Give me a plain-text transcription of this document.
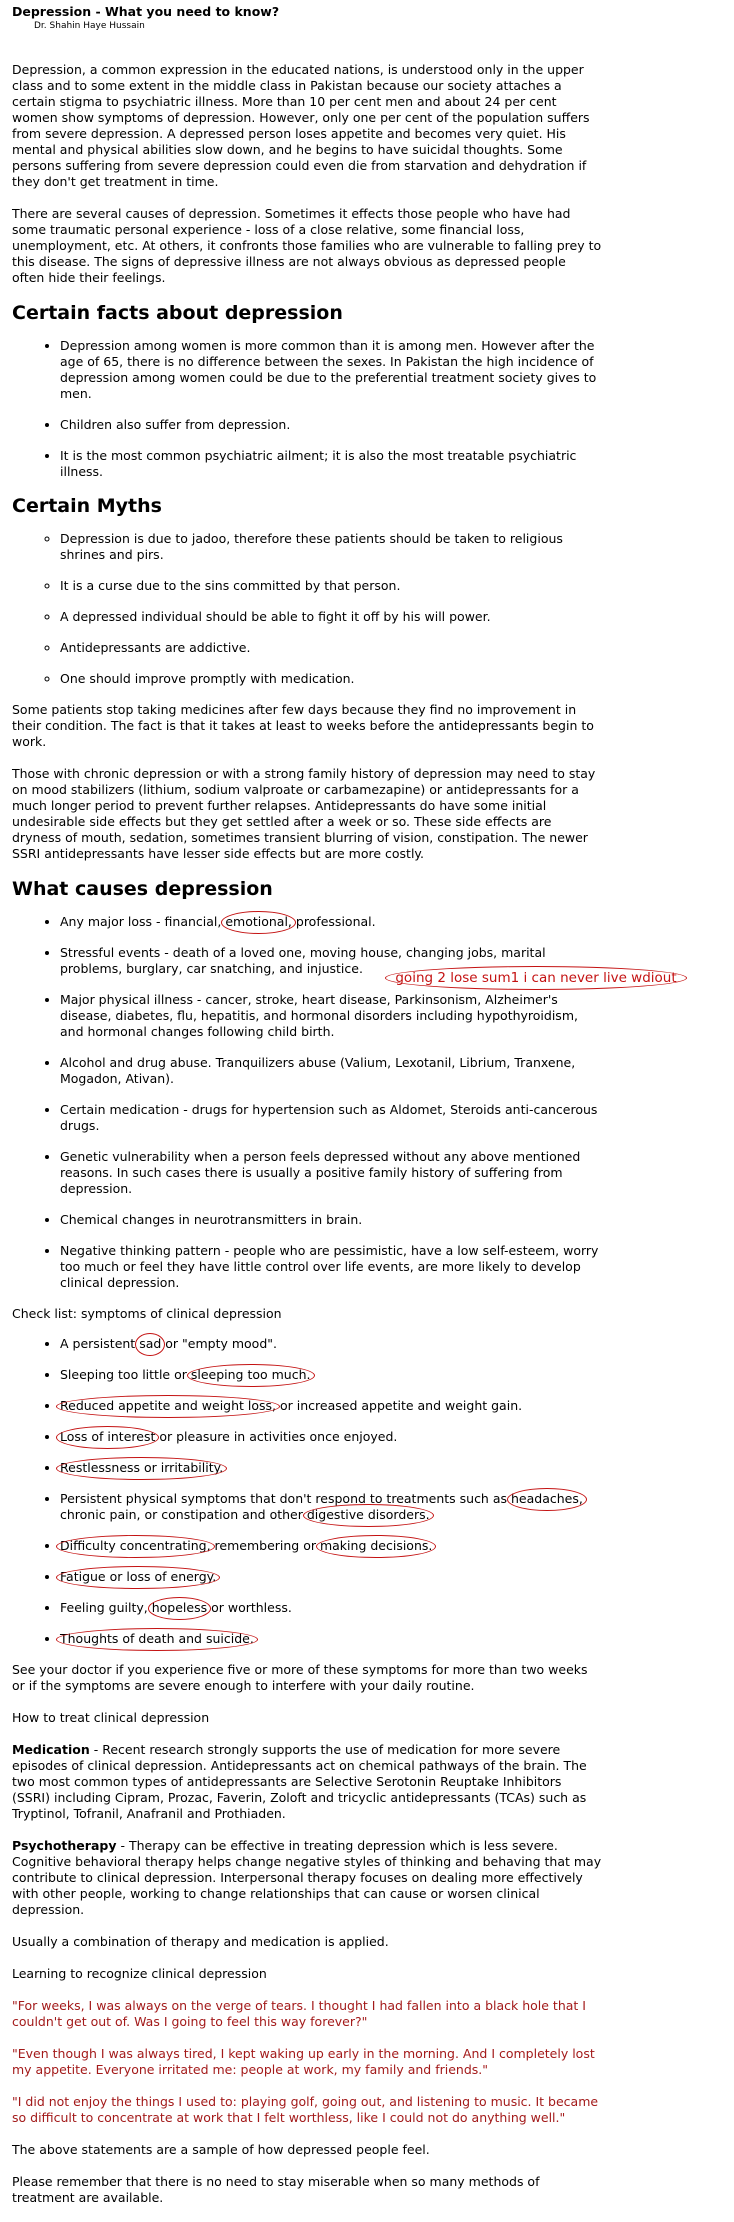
Depression - What you need to know?

Dr. Shahin Haye Hussain

Depression, a common expression in the educated nations, is understood only in the upper class and to some extent in the middle class in Pakistan because our society attaches a certain stigma to psychiatric illness. More than 10 per cent men and about 24 per cent women show symptoms of depression. However, only one per cent of the population suffers from severe depression. A depressed person loses appetite and becomes very quiet. His mental and physical abilities slow down, and he begins to have suicidal thoughts. Some persons suffering from severe depression could even die from starvation and dehydration if they don't get treatment in time.

There are several causes of depression. Sometimes it effects those people who have had some traumatic personal experience - loss of a close relative, some financial loss, unemployment, etc. At others, it confronts those families who are vulnerable to falling prey to this disease. The signs of depressive illness are not always obvious as depressed people often hide their feelings.

Certain facts about depression
• Depression among women is more common than it is among men. However after the age of 65, there is no difference between the sexes. In Pakistan the high incidence of depression among women could be due to the preferential treatment society gives to men.
• Children also suffer from depression.
• It is the most common psychiatric ailment; it is also the most treatable psychiatric illness.
Certain Myths
◦ Depression is due to jadoo, therefore these patients should be taken to religious shrines and pirs.
◦ It is a curse due to the sins committed by that person.
◦ A depressed individual should be able to fight it off by his will power.
◦ Antidepressants are addictive.
◦ One should improve promptly with medication.

Some patients stop taking medicines after few days because they find no improvement in their condition. The fact is that it takes at least to weeks before the antidepressants begin to work.

Those with chronic depression or with a strong family history of depression may need to stay on mood stabilizers (lithium, sodium valproate or carbamezapine) or antidepressants for a much longer period to prevent further relapses. Antidepressants do have some initial undesirable side effects but they get settled after a week or so. These side effects are dryness of mouth, sedation, sometimes transient blurring of vision, constipation. The newer SSRI antidepressants have lesser side effects but are more costly.

What causes depression
• Any major loss - financial, emotional, professional.
• Stressful events - death of a loved one, moving house, changing jobs, marital problems, burglary, car snatching, and injustice.
• Major physical illness - cancer, stroke, heart disease, Parkinsonism, Alzheimer's disease, diabetes, flu, hepatitis, and hormonal disorders including hypothyroidism, and hormonal changes following child birth.
• Alcohol and drug abuse. Tranquilizers abuse (Valium, Lexotanil, Librium, Tranxene, Mogadon, Ativan).
• Certain medication - drugs for hypertension such as Aldomet, Steroids anti-cancerous drugs.
• Genetic vulnerability when a person feels depressed without any above mentioned reasons. In such cases there is usually a positive family history of suffering from depression.
• Chemical changes in neurotransmitters in brain.
• Negative thinking pattern - people who are pessimistic, have a low self-esteem, worry too much or feel they have little control over life events, are more likely to develop clinical depression.

Check list: symptoms of clinical depression

• A persistent sad or "empty mood".
• Sleeping too little or sleeping too much.
• Reduced appetite and weight loss, or increased appetite and weight gain.
• Loss of interest or pleasure in activities once enjoyed.
• Restlessness or irritability.
• Persistent physical symptoms that don't respond to treatments such as headaches, chronic pain, or constipation and other digestive disorders.
• Difficulty concentrating, remembering or making decisions.
• Fatigue or loss of energy.
• Feeling guilty, hopeless or worthless.
• Thoughts of death and suicide.

See your doctor if you experience five or more of these symptoms for more than two weeks or if the symptoms are severe enough to interfere with your daily routine.

How to treat clinical depression

Medication - Recent research strongly supports the use of medication for more severe episodes of clinical depression. Antidepressants act on chemical pathways of the brain. The two most common types of antidepressants are Selective Serotonin Reuptake Inhibitors (SSRI) including Cipram, Prozac, Faverin, Zoloft and tricyclic antidepressants (TCAs) such as Tryptinol, Tofranil, Anafranil and Prothiaden.

Psychotherapy - Therapy can be effective in treating depression which is less severe. Cognitive behavioral therapy helps change negative styles of thinking and behaving that may contribute to clinical depression. Interpersonal therapy focuses on dealing more effectively with other people, working to change relationships that can cause or worsen clinical depression.

Usually a combination of therapy and medication is applied.

Learning to recognize clinical depression

"For weeks, I was always on the verge of tears. I thought I had fallen into a black hole that I couldn't get out of. Was I going to feel this way forever?"

"Even though I was always tired, I kept waking up early in the morning. And I completely lost my appetite. Everyone irritated me: people at work, my family and friends."

"I did not enjoy the things I used to: playing golf, going out, and listening to music. It became so difficult to concentrate at work that I felt worthless, like I could not do anything well."

The above statements are a sample of how depressed people feel.

Please remember that there is no need to stay miserable when so many methods of treatment are available.

going 2 lose sum1 i can never live wdiout
